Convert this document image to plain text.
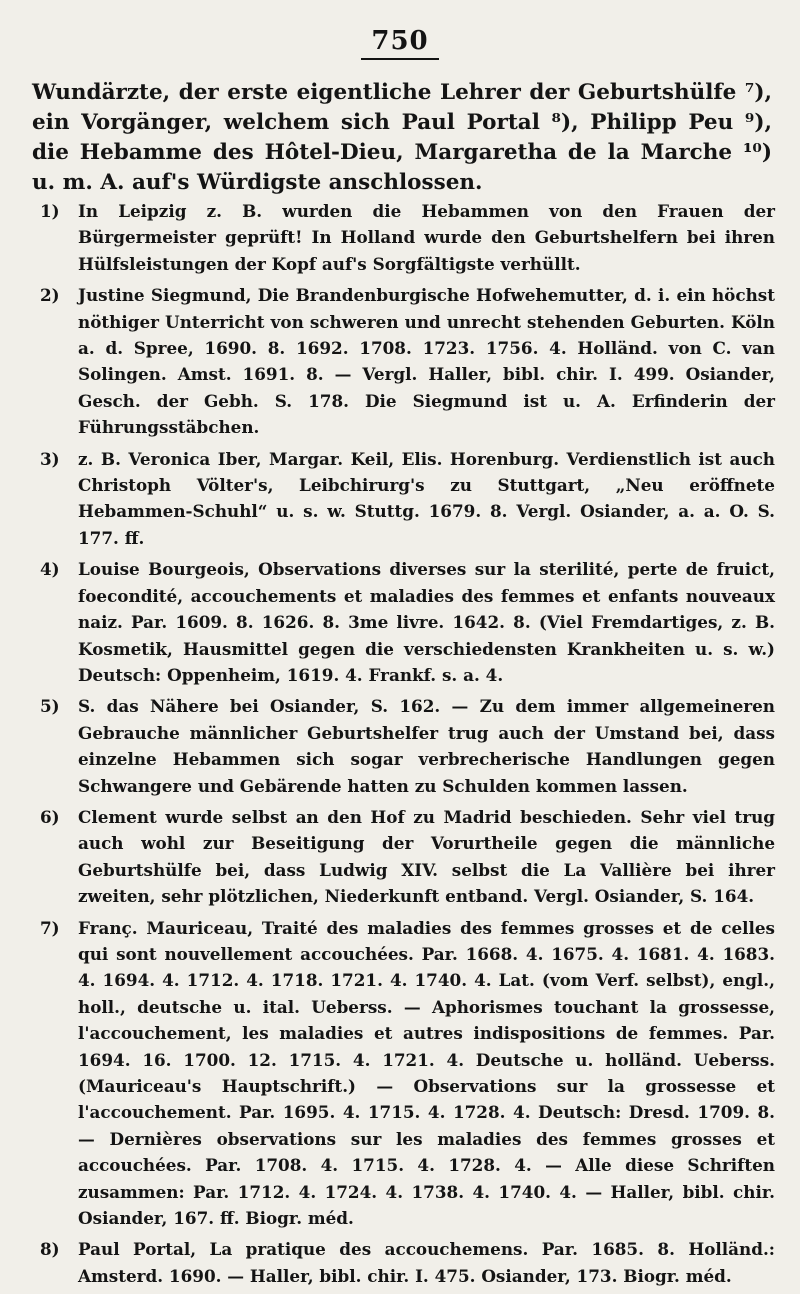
750
Wundärzte, der erste eigentliche Lehrer der Geburtshülfe ⁷), ein Vorgänger, welchem sich Paul Portal ⁸), Philipp Peu ⁹), die Hebamme des Hôtel-Dieu, Margaretha de la Marche ¹⁰) u. m. A. auf's Würdigste anschlossen.
1)	In Leipzig z. B. wurden die Hebammen von den Frauen der Bürgermeister geprüft! In Holland wurde den Geburtshelfern bei ihren Hülfsleistungen der Kopf auf's Sorgfältigste verhüllt.
2)	Justine Siegmund, Die Brandenburgische Hofwehemutter, d. i. ein höchst nöthiger Unterricht von schweren und unrecht stehenden Geburten. Köln a. d. Spree, 1690. 8. 1692. 1708. 1723. 1756. 4. Holländ. von C. van Solingen. Amst. 1691. 8. — Vergl. Haller, bibl. chir. I. 499. Osiander, Gesch. der Gebh. S. 178. Die Siegmund ist u. A. Erfinderin der Führungsstäbchen.
3)	z. B. Veronica Iber, Margar. Keil, Elis. Horenburg. Verdienstlich ist auch Christoph Völter's, Leibchirurg's zu Stuttgart, „Neu eröffnete Hebammen-Schuhl“ u. s. w. Stuttg. 1679. 8. Vergl. Osiander, a. a. O. S. 177. ff.
4)	Louise Bourgeois, Observations diverses sur la sterilité, perte de fruict, foecondité, accouchements et maladies des femmes et enfants nouveaux naiz. Par. 1609. 8. 1626. 8. 3me livre. 1642. 8. (Viel Fremdartiges, z. B. Kosmetik, Hausmittel gegen die verschiedensten Krankheiten u. s. w.) Deutsch: Oppenheim, 1619. 4. Frankf. s. a. 4.
5)	S. das Nähere bei Osiander, S. 162. — Zu dem immer allgemeineren Gebrauche männlicher Geburtshelfer trug auch der Umstand bei, dass einzelne Hebammen sich sogar verbrecherische Handlungen gegen Schwangere und Gebärende hatten zu Schulden kommen lassen.
6)	Clement wurde selbst an den Hof zu Madrid beschieden. Sehr viel trug auch wohl zur Beseitigung der Vorurtheile gegen die männliche Geburtshülfe bei, dass Ludwig XIV. selbst die La Vallière bei ihrer zweiten, sehr plötzlichen, Niederkunft entband. Vergl. Osiander, S. 164.
7)	Franç. Mauriceau, Traité des maladies des femmes grosses et de celles qui sont nouvellement accouchées. Par. 1668. 4. 1675. 4. 1681. 4. 1683. 4. 1694. 4. 1712. 4. 1718. 1721. 4. 1740. 4. Lat. (vom Verf. selbst), engl., holl., deutsche u. ital. Ueberss. — Aphorismes touchant la grossesse, l'accouchement, les maladies et autres indispositions de femmes. Par. 1694. 16. 1700. 12. 1715. 4. 1721. 4. Deutsche u. holländ. Ueberss. (Mauriceau's Hauptschrift.) — Observations sur la grossesse et l'accouchement. Par. 1695. 4. 1715. 4. 1728. 4. Deutsch: Dresd. 1709. 8. — Dernières observations sur les maladies des femmes grosses et accouchées. Par. 1708. 4. 1715. 4. 1728. 4. — Alle diese Schriften zusammen: Par. 1712. 4. 1724. 4. 1738. 4. 1740. 4. — Haller, bibl. chir. Osiander, 167. ff. Biogr. méd.
8)	Paul Portal, La pratique des accouchemens. Par. 1685. 8. Holländ.: Amsterd. 1690. — Haller, bibl. chir. I. 475. Osiander, 173. Biogr. méd.
